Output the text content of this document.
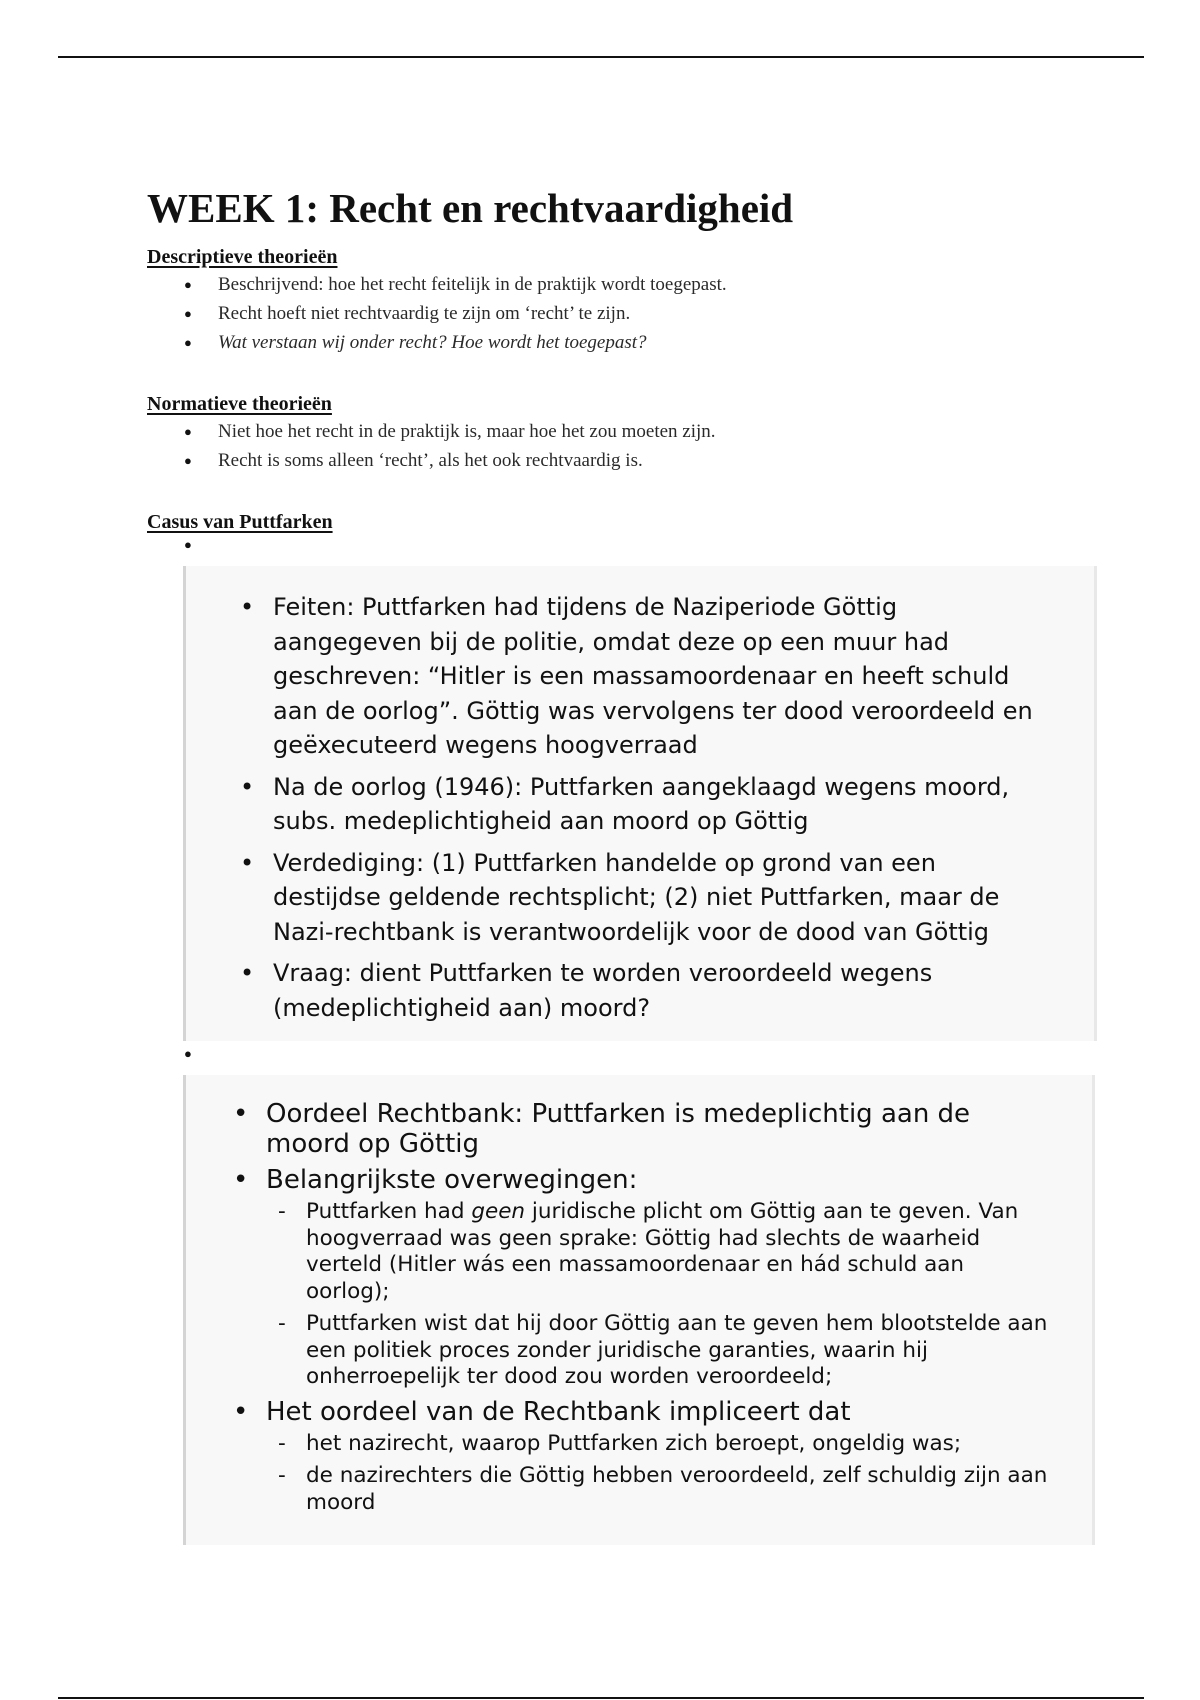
WEEK 1: Recht en rechtvaardigheid
Descriptieve theorieën
● Beschrijvend: hoe het recht feitelijk in de praktijk wordt toegepast.
● Recht hoeft niet rechtvaardig te zijn om ‘recht’ te zijn.
● Wat verstaan wij onder recht? Hoe wordt het toegepast?
Normatieve theorieën
● Niet hoe het recht in de praktijk is, maar hoe het zou moeten zijn.
● Recht is soms alleen ‘recht’, als het ook rechtvaardig is.
Casus van Puttfarken
●
• Feiten: Puttfarken had tijdens de Naziperiode Göttig aangegeven bij de politie, omdat deze op een muur had geschreven: “Hitler is een massamoordenaar en heeft schuld aan de oorlog”. Göttig was vervolgens ter dood veroordeeld en geëxecuteerd wegens hoogverraad
• Na de oorlog (1946): Puttfarken aangeklaagd wegens moord, subs. medeplichtigheid aan moord op Göttig
• Verdediging: (1) Puttfarken handelde op grond van een destijdse geldende rechtsplicht; (2) niet Puttfarken, maar de Nazi-rechtbank is verantwoordelijk voor de dood van Göttig
• Vraag: dient Puttfarken te worden veroordeeld wegens (medeplichtigheid aan) moord?
• Oordeel Rechtbank: Puttfarken is medeplichtig aan de moord op Göttig
• Belangrijkste overwegingen:
- Puttfarken had geen juridische plicht om Göttig aan te geven. Van hoogverraad was geen sprake: Göttig had slechts de waarheid verteld (Hitler wás een massamoordenaar en hád schuld aan oorlog);
- Puttfarken wist dat hij door Göttig aan te geven hem blootstelde aan een politiek proces zonder juridische garanties, waarin hij onherroepelijk ter dood zou worden veroordeeld;
• Het oordeel van de Rechtbank impliceert dat
- het nazirecht, waarop Puttfarken zich beroept, ongeldig was;
- de nazirechters die Göttig hebben veroordeeld, zelf schuldig zijn aan moord
